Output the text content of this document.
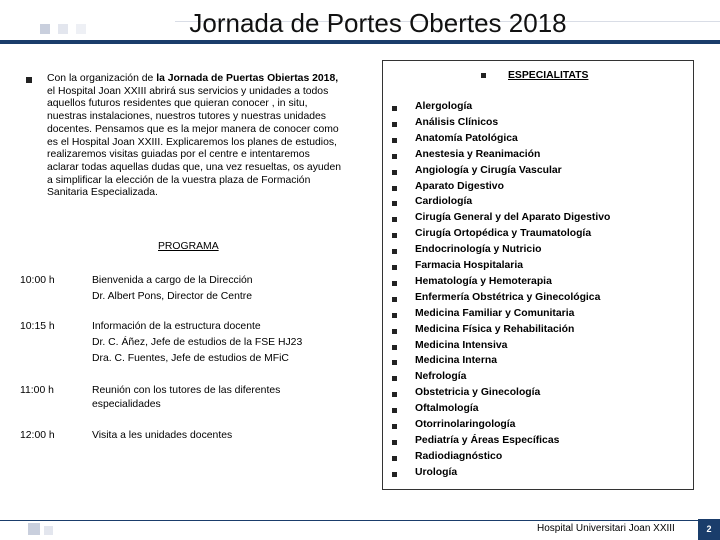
Jornada de Portes Obertes 2018
Con la organización de la Jornada de Puertas Obiertas 2018,
el Hospital Joan XXIII abrirá sus servicios y unidades a todos
aquellos futuros residentes que quieran conocer , in situ,
nuestras instalaciones, nuestros tutores y nuestras unidades
docentes. Pensamos que es la mejor manera de conocer como
es el Hospital Joan XXIII. Explicaremos los planes de estudios,
realizaremos visitas guiadas por el centre e intentaremos
aclarar todas aquellas dudas que, una vez resueltas, os ayuden
a simplificar la elección de la vuestra plaza de Formación
Sanitaria Especializada.
PROGRAMA
10:00 h	Bienvenida a cargo de la Dirección
Dr. Albert Pons, Director de Centre
10:15 h	Información de la estructura docente
Dr. C. Áñez, Jefe de estudios de la FSE HJ23
Dra. C. Fuentes, Jefe de estudios de MFiC
11:00 h	Reunión con los tutores de las diferentes
especialidades
12:00 h	Visita a les unidades docentes
ESPECIALITATS
Alergología
Análisis Clínicos
Anatomía Patológica
Anestesia y Reanimación
Angiología y Cirugía Vascular
Aparato Digestivo
Cardiología
Cirugía General y del Aparato Digestivo
Cirugía Ortopédica y Traumatología
Endocrinología y Nutricio
Farmacia Hospitalaria
Hematología y Hemoterapia
Enfermería Obstétrica y Ginecológica
Medicina Familiar y Comunitaria
Medicina Física y Rehabilitación
Medicina Intensiva
Medicina Interna
Nefrología
Obstetricia y Ginecología
Oftalmología
Otorrinolaringología
Pediatría y Áreas Específicas
Radiodiagnóstico
Urología
Hospital Universitari Joan XXIII	2
